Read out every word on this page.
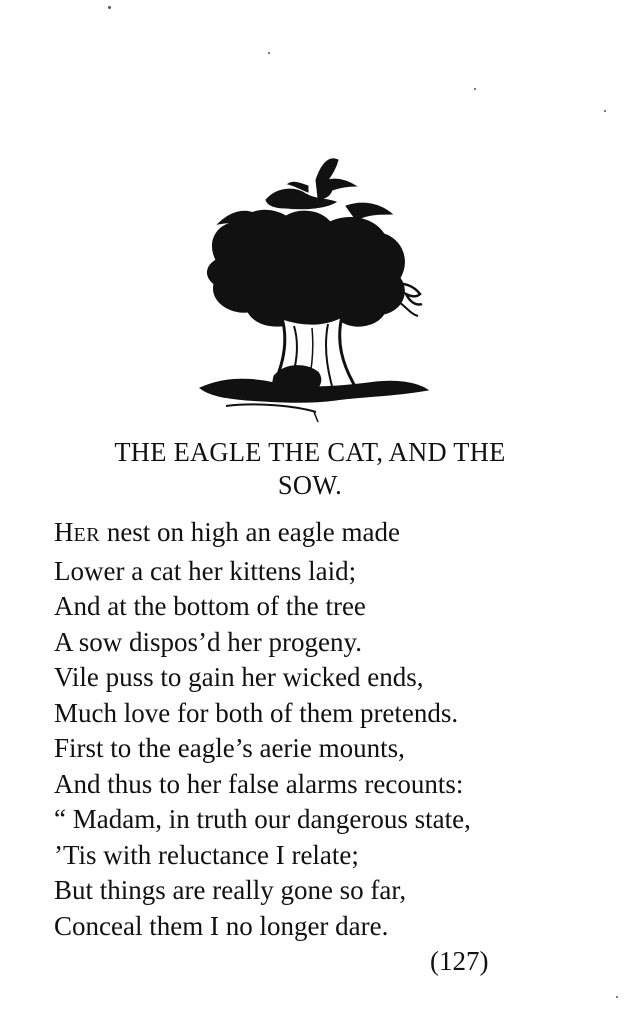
THE EAGLE THE CAT, AND THE
SOW.
HER nest on high an eagle made
Lower a cat her kittens laid;
And at the bottom of the tree
A sow dispos’d her progeny.
Vile puss to gain her wicked ends,
Much love for both of them pretends.
First to the eagle’s aerie mounts,
And thus to her false alarms recounts:
“ Madam, in truth our dangerous state,
’Tis with reluctance I relate;
But things are really gone so far,
Conceal them I no longer dare.
(127)
